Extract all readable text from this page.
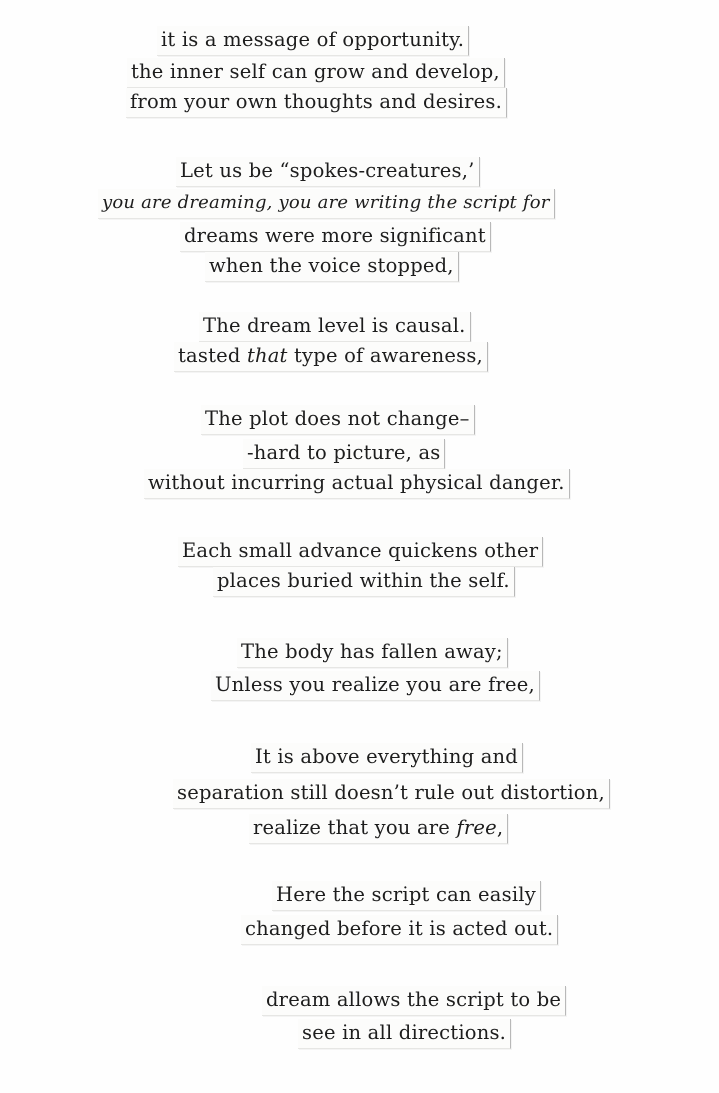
it is a message of opportunity.
the inner self can grow and develop,
from your own thoughts and desires.
Let us be “spokes-creatures,’
you are dreaming, you are writing the script for
dreams were more significant
when the voice stopped,
The dream level is causal.
tasted that type of awareness,
The plot does not change–
-hard to picture, as
without incurring actual physical danger.
Each small advance quickens other
places buried within the self.
The body has fallen away;
Unless you realize you are free,
It is above everything and
separation still doesn’t rule out distortion,
realize that you are free,
Here the script can easily
changed before it is acted out.
dream allows the script to be
see in all directions.
